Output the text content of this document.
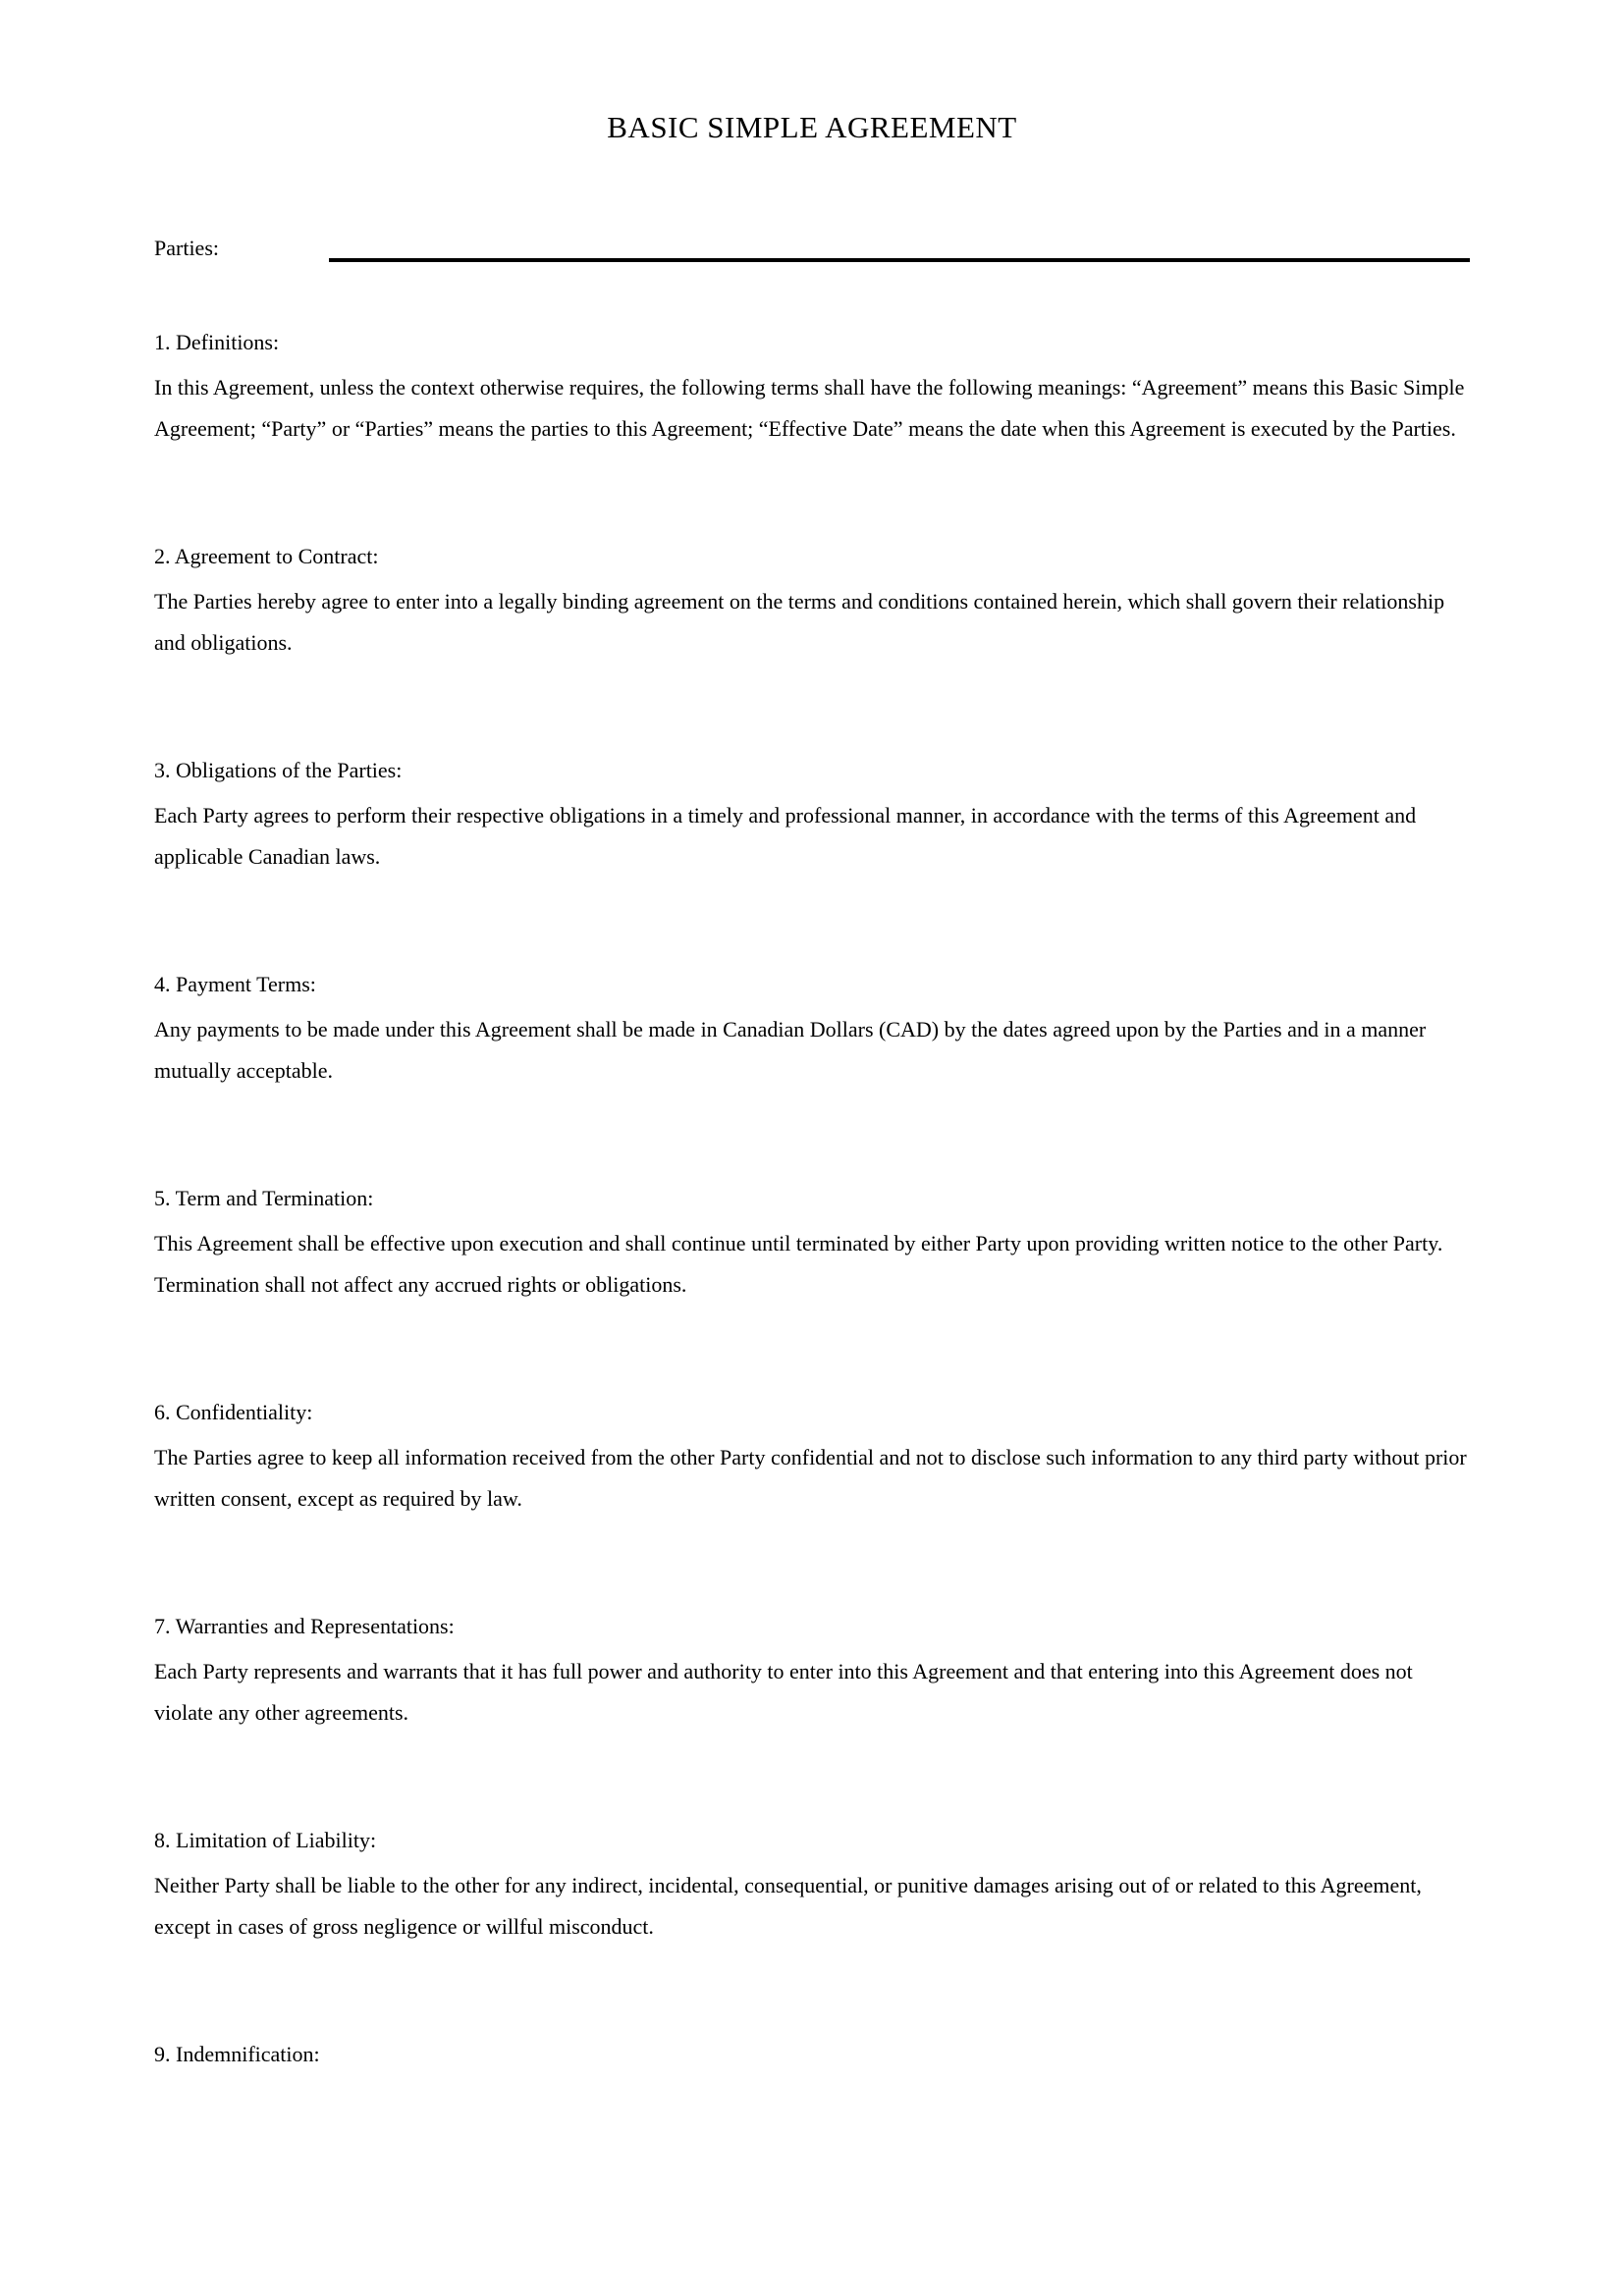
BASIC SIMPLE AGREEMENT
Parties:

1. Definitions:

In this Agreement, unless the context otherwise requires, the following terms shall have the following meanings: “Agreement” means this Basic Simple Agreement; “Party” or “Parties” means the parties to this Agreement; “Effective Date” means the date when this Agreement is executed by the Parties.

2. Agreement to Contract:

The Parties hereby agree to enter into a legally binding agreement on the terms and conditions contained herein, which shall govern their relationship and obligations.

3. Obligations of the Parties:

Each Party agrees to perform their respective obligations in a timely and professional manner, in accordance with the terms of this Agreement and applicable Canadian laws.

4. Payment Terms:

Any payments to be made under this Agreement shall be made in Canadian Dollars (CAD) by the dates agreed upon by the Parties and in a manner mutually acceptable.

5. Term and Termination:

This Agreement shall be effective upon execution and shall continue until terminated by either Party upon providing written notice to the other Party. Termination shall not affect any accrued rights or obligations.

6. Confidentiality:

The Parties agree to keep all information received from the other Party confidential and not to disclose such information to any third party without prior written consent, except as required by law.

7. Warranties and Representations:

Each Party represents and warrants that it has full power and authority to enter into this Agreement and that entering into this Agreement does not violate any other agreements.

8. Limitation of Liability:

Neither Party shall be liable to the other for any indirect, incidental, consequential, or punitive damages arising out of or related to this Agreement, except in cases of gross negligence or willful misconduct.

9. Indemnification:
